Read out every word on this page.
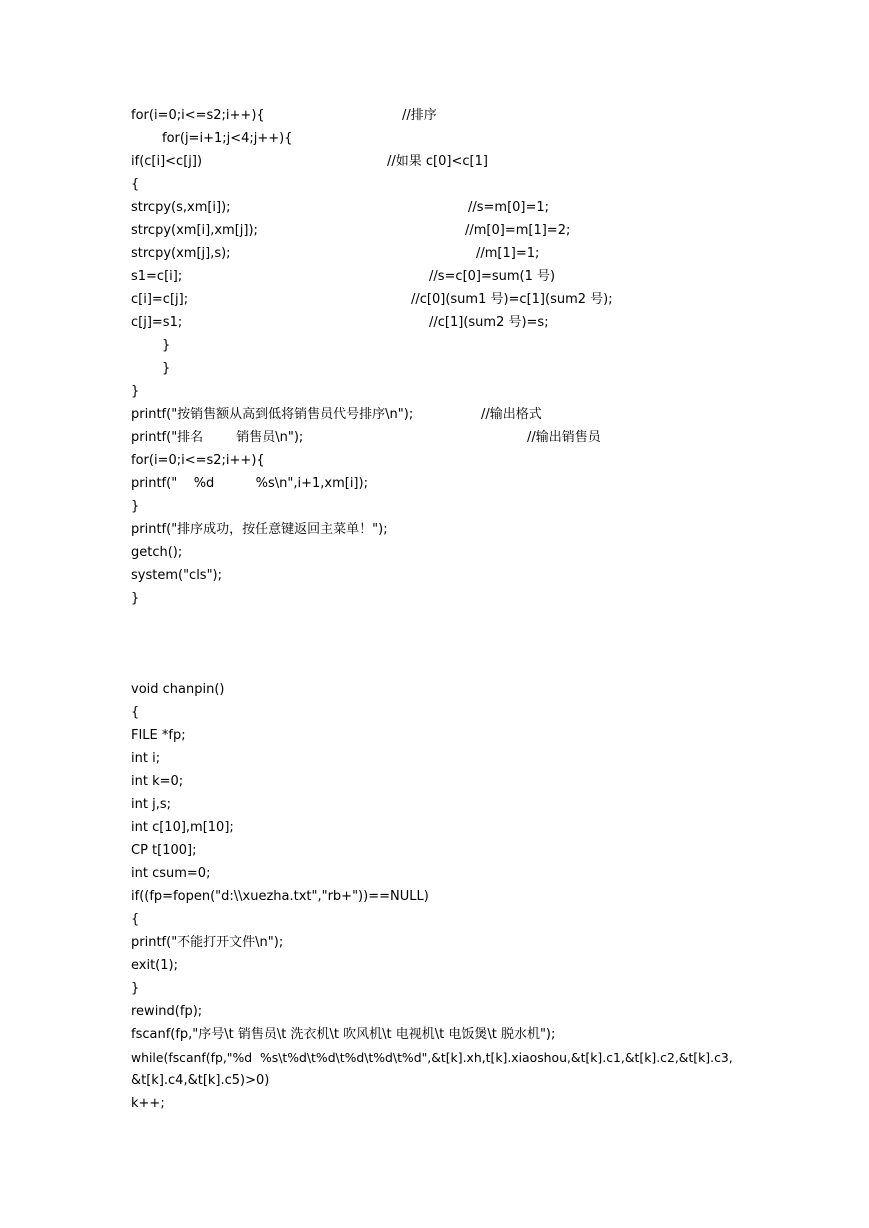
for(i=0;i<=s2;i++){	//排序
for(j=i+1;j<4;j++){
if(c[i]<c[j])	//如果 c[0]<c[1]
{
strcpy(s,xm[i]);	//s=m[0]=1;
strcpy(xm[i],xm[j]);	//m[0]=m[1]=2;
strcpy(xm[j],s);	//m[1]=1;
s1=c[i];	//s=c[0]=sum(1 号)
c[i]=c[j];	//c[0](sum1 号)=c[1](sum2 号);
c[j]=s1;	//c[1](sum2 号)=s;
}
}
}
printf("按销售额从高到低将销售员代号排序\n");	//输出格式
printf("排名        销售员\n");	//输出销售员
for(i=0;i<=s2;i++){
printf("    %d          %s\n",i+1,xm[i]);
}
printf("排序成功，按任意键返回主菜单！");
getch();
system("cls");
}
void chanpin()
{
FILE *fp;
int i;
int k=0;
int j,s;
int c[10],m[10];
CP t[100];
int csum=0;
if((fp=fopen("d:\\xuezha.txt","rb+"))==NULL)
{
printf("不能打开文件\n");
exit(1);
}
rewind(fp);
fscanf(fp,"序号\t 销售员\t 洗衣机\t 吹风机\t 电视机\t 电饭煲\t 脱水机");
while(fscanf(fp,"%d  %s\t%d\t%d\t%d\t%d\t%d",&t[k].xh,t[k].xiaoshou,&t[k].c1,&t[k].c2,&t[k].c3,
&t[k].c4,&t[k].c5)>0)
k++;
